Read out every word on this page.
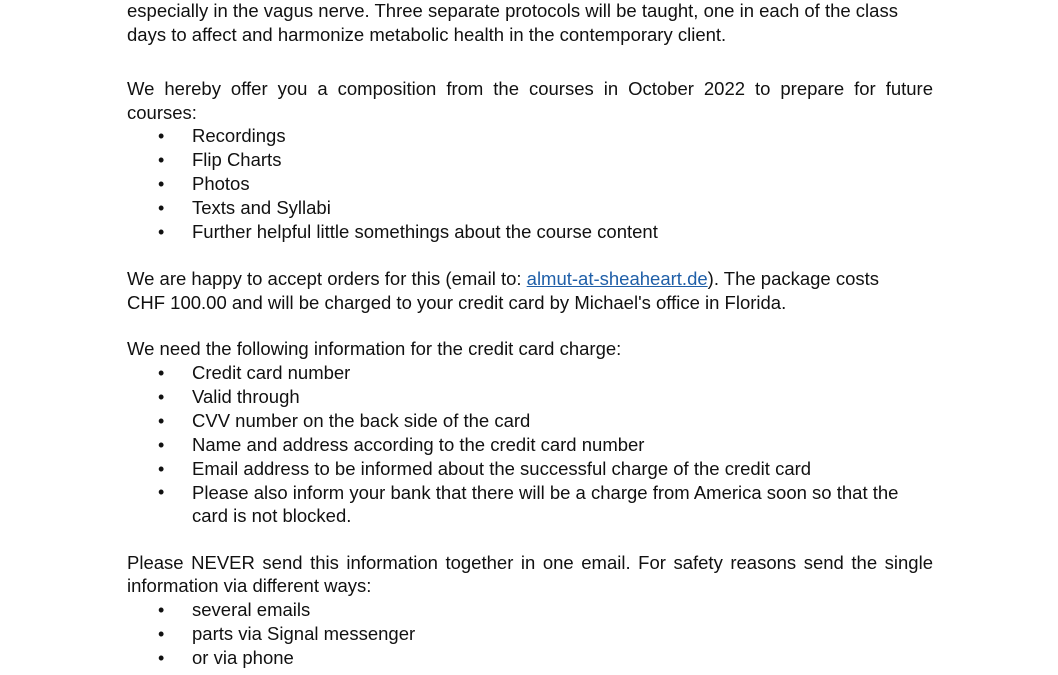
especially in the vagus nerve. Three separate protocols will be taught, one in each of the class
days to affect and harmonize metabolic health in the contemporary client.

We hereby offer you a composition from the courses in October 2022 to prepare for future courses:

• Recordings
• Flip Charts
• Photos
• Texts and Syllabi
• Further helpful little somethings about the course content

We are happy to accept orders for this (email to: almut-at-sheaheart.de). The package costs
CHF 100.00 and will be charged to your credit card by Michael's office in Florida.

We need the following information for the credit card charge:

• Credit card number
• Valid through
• CVV number on the back side of the card
• Name and address according to the credit card number
• Email address to be informed about the successful charge of the credit card
• Please also inform your bank that there will be a charge from America soon so that the card is not blocked.

Please NEVER send this information together in one email. For safety reasons send the single information via different ways:

• several emails
• parts via Signal messenger
• or via phone
